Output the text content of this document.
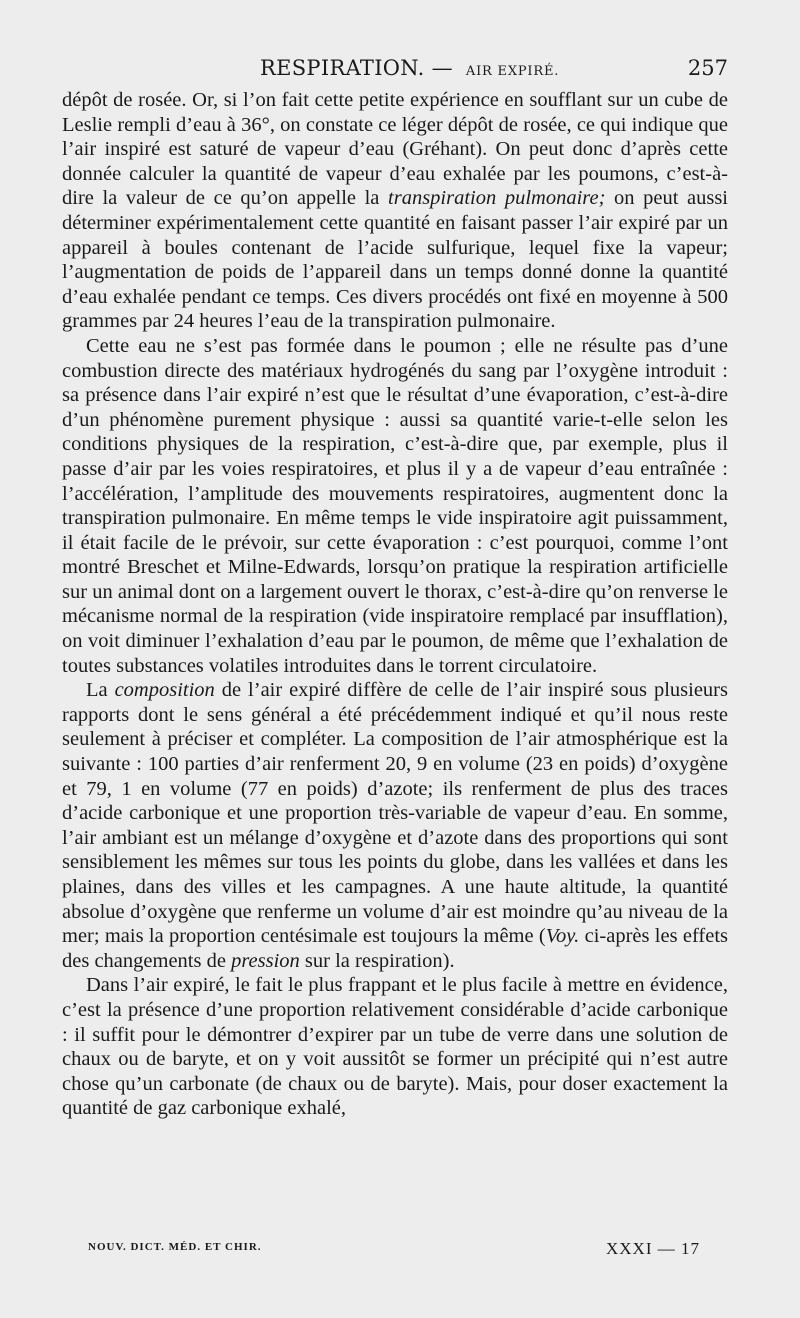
RESPIRATION. — AIR EXPIRÉ.	257

dépôt de rosée. Or, si l’on fait cette petite expérience en soufflant sur un cube de Leslie rempli d’eau à 36°, on constate ce léger dépôt de rosée, ce qui indique que l’air inspiré est saturé de vapeur d’eau (Gréhant). On peut donc d’après cette donnée calculer la quantité de vapeur d’eau exhalée par les poumons, c’est-à-dire la valeur de ce qu’on appelle la transpiration pulmonaire; on peut aussi déterminer expérimentalement cette quantité en faisant passer l’air expiré par un appareil à boules contenant de l’acide sulfurique, lequel fixe la vapeur; l’augmentation de poids de l’appareil dans un temps donné donne la quantité d’eau exhalée pendant ce temps. Ces divers procédés ont fixé en moyenne à 500 grammes par 24 heures l’eau de la transpiration pulmonaire.

Cette eau ne s’est pas formée dans le poumon ; elle ne résulte pas d’une combustion directe des matériaux hydrogénés du sang par l’oxygène introduit : sa présence dans l’air expiré n’est que le résultat d’une évaporation, c’est-à-dire d’un phénomène purement physique : aussi sa quantité varie-t-elle selon les conditions physiques de la respiration, c’est-à-dire que, par exemple, plus il passe d’air par les voies respiratoires, et plus il y a de vapeur d’eau entraînée : l’accélération, l’amplitude des mouvements respiratoires, augmentent donc la transpiration pulmonaire. En même temps le vide inspiratoire agit puissamment, il était facile de le prévoir, sur cette évaporation : c’est pourquoi, comme l’ont montré Breschet et Milne-Edwards, lorsqu’on pratique la respiration artificielle sur un animal dont on a largement ouvert le thorax, c’est-à-dire qu’on renverse le mécanisme normal de la respiration (vide inspiratoire remplacé par insufflation), on voit diminuer l’exhalation d’eau par le poumon, de même que l’exhalation de toutes substances volatiles introduites dans le torrent circulatoire.

La composition de l’air expiré diffère de celle de l’air inspiré sous plusieurs rapports dont le sens général a été précédemment indiqué et qu’il nous reste seulement à préciser et compléter. La composition de l’air atmosphérique est la suivante : 100 parties d’air renferment 20, 9 en volume (23 en poids) d’oxygène et 79, 1 en volume (77 en poids) d’azote; ils renferment de plus des traces d’acide carbonique et une proportion très-variable de vapeur d’eau. En somme, l’air ambiant est un mélange d’oxygène et d’azote dans des proportions qui sont sensiblement les mêmes sur tous les points du globe, dans les vallées et dans les plaines, dans des villes et les campagnes. A une haute altitude, la quantité absolue d’oxygène que renferme un volume d’air est moindre qu’au niveau de la mer; mais la proportion centésimale est toujours la même (Voy. ci-après les effets des changements de pression sur la respiration).

Dans l’air expiré, le fait le plus frappant et le plus facile à mettre en évidence, c’est la présence d’une proportion relativement considérable d’acide carbonique : il suffit pour le démontrer d’expirer par un tube de verre dans une solution de chaux ou de baryte, et on y voit aussitôt se former un précipité qui n’est autre chose qu’un carbonate (de chaux ou de baryte). Mais, pour doser exactement la quantité de gaz carbonique exhalé,

NOUV. DICT. MÉD. ET CHIR.	XXXI — 17
